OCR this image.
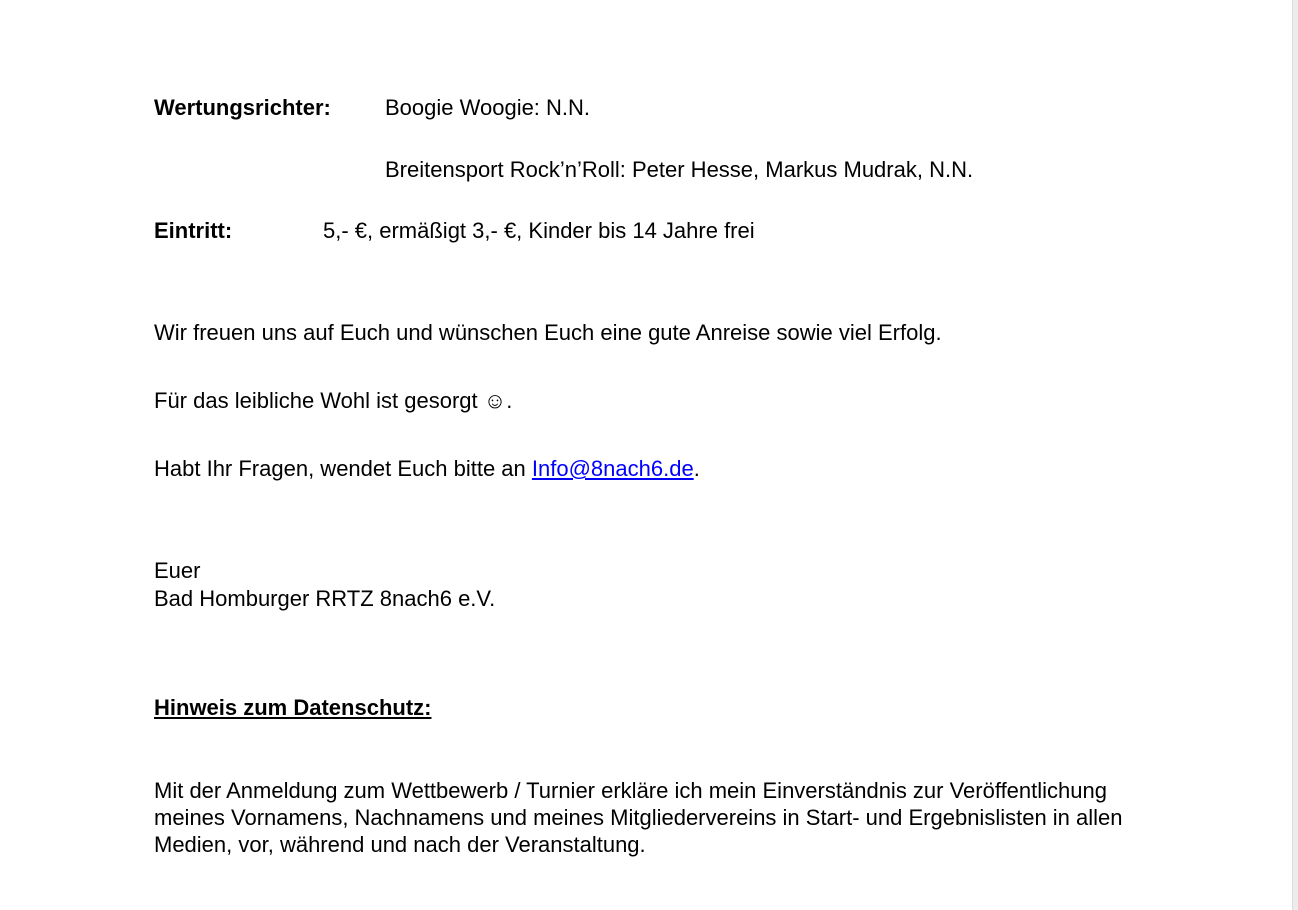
Wertungsrichter: Boogie Woogie: N.N.
Breitensport Rock’n’Roll: Peter Hesse, Markus Mudrak, N.N.
Eintritt:	5,- €, ermäßigt 3,- €, Kinder bis 14 Jahre frei
Wir freuen uns auf Euch und wünschen Euch eine gute Anreise sowie viel Erfolg.
Für das leibliche Wohl ist gesorgt ☺.
Habt Ihr Fragen, wendet Euch bitte an Info@8nach6.de.
Euer
Bad Homburger RRTZ 8nach6 e.V.
Hinweis zum Datenschutz:
Mit der Anmeldung zum Wettbewerb / Turnier erkläre ich mein Einverständnis zur Veröffentlichung
meines Vornamens, Nachnamens und meines Mitgliedervereins in Start- und Ergebnislisten in allen
Medien, vor, während und nach der Veranstaltung.
